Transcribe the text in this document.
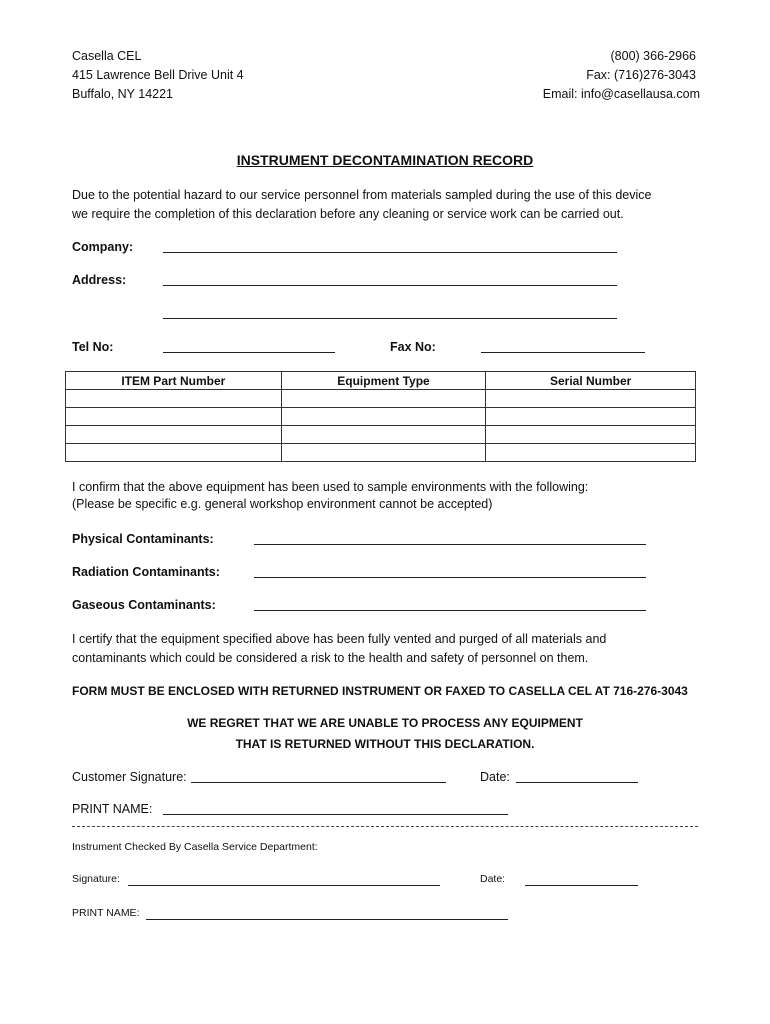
Casella CEL
415 Lawrence Bell Drive Unit 4
Buffalo, NY 14221
(800) 366-2966
Fax: (716)276-3043
Email: info@casellausa.com
INSTRUMENT DECONTAMINATION RECORD
Due to the potential hazard to our service personnel from materials sampled during the use of this device
we require the completion of this declaration before any cleaning or service work can be carried out.
Company:
Address:
Tel No:	Fax No:
ITEM Part Number	Equipment Type	Serial Number

I confirm that the above equipment has been used to sample environments with the following:
(Please be specific e.g. general workshop environment cannot be accepted)
Physical Contaminants:
Radiation Contaminants:
Gaseous Contaminants:
I certify that the equipment specified above has been fully vented and purged of all materials and
contaminants which could be considered a risk to the health and safety of personnel on them.
FORM MUST BE ENCLOSED WITH RETURNED INSTRUMENT OR FAXED TO CASELLA CEL AT 716-276-3043
WE REGRET THAT WE ARE UNABLE TO PROCESS ANY EQUIPMENT
THAT IS RETURNED WITHOUT THIS DECLARATION.
Customer Signature:	Date:
PRINT NAME:
Instrument Checked By Casella Service Department:
Signature:	Date:
PRINT NAME:
